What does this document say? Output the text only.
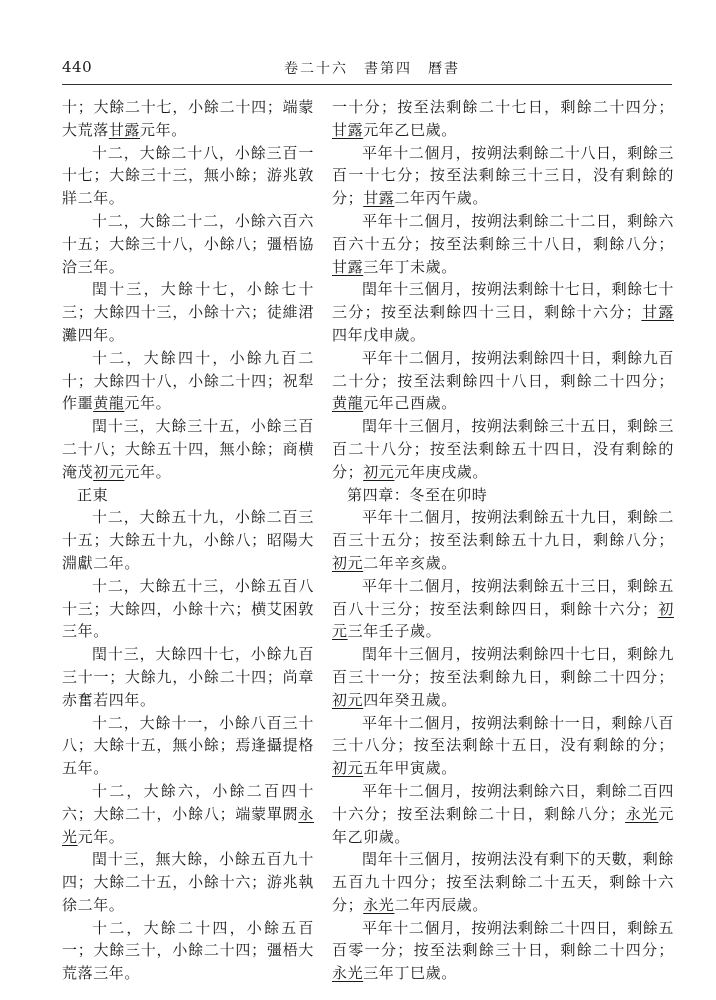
440	卷二十六　書第四　曆書

十；大餘二十七，小餘二十四；端蒙大荒落甘露元年。

十二，大餘二十八，小餘三百一十七；大餘三十三，無小餘；游兆敦牂二年。

十二，大餘二十二，小餘六百六十五；大餘三十八，小餘八；彊梧協洽三年。

閏十三，大餘十七，小餘七十三；大餘四十三，小餘十六；徒維涒灘四年。

十二，大餘四十，小餘九百二十；大餘四十八，小餘二十四；祝犁作噩黄龍元年。

閏十三，大餘三十五，小餘三百二十八；大餘五十四，無小餘；商横淹茂初元元年。

正東

十二，大餘五十九，小餘二百三十五；大餘五十九，小餘八；昭陽大淵獻二年。

十二，大餘五十三，小餘五百八十三；大餘四，小餘十六；横艾困敦三年。

閏十三，大餘四十七，小餘九百三十一；大餘九，小餘二十四；尚章赤奮若四年。

十二，大餘十一，小餘八百三十八；大餘十五，無小餘；焉逢攝提格五年。

十二，大餘六，小餘二百四十六；大餘二十，小餘八；端蒙單閼永光元年。

閏十三，無大餘，小餘五百九十四；大餘二十五，小餘十六；游兆執徐二年。

十二，大餘二十四，小餘五百一；大餘三十，小餘二十四；彊梧大荒落三年。

一十分；按至法剩餘二十七日，剩餘二十四分；甘露元年乙巳歲。

平年十二個月，按朔法剩餘二十八日，剩餘三百一十七分；按至法剩餘三十三日，没有剩餘的分；甘露二年丙午歲。

平年十二個月，按朔法剩餘二十二日，剩餘六百六十五分；按至法剩餘三十八日，剩餘八分；甘露三年丁未歲。

閏年十三個月，按朔法剩餘十七日，剩餘七十三分；按至法剩餘四十三日，剩餘十六分；甘露四年戊申歲。

平年十二個月，按朔法剩餘四十日，剩餘九百二十分；按至法剩餘四十八日，剩餘二十四分；黄龍元年己酉歲。

閏年十三個月，按朔法剩餘三十五日，剩餘三百二十八分；按至法剩餘五十四日，没有剩餘的分；初元元年庚戌歲。

第四章：冬至在卯時

平年十二個月，按朔法剩餘五十九日，剩餘二百三十五分；按至法剩餘五十九日，剩餘八分；初元二年辛亥歲。

平年十二個月，按朔法剩餘五十三日，剩餘五百八十三分；按至法剩餘四日，剩餘十六分；初元三年壬子歲。

閏年十三個月，按朔法剩餘四十七日，剩餘九百三十一分；按至法剩餘九日，剩餘二十四分；初元四年癸丑歲。

平年十二個月，按朔法剩餘十一日，剩餘八百三十八分；按至法剩餘十五日，没有剩餘的分；初元五年甲寅歲。

平年十二個月，按朔法剩餘六日，剩餘二百四十六分；按至法剩餘二十日，剩餘八分；永光元年乙卯歲。

閏年十三個月，按朔法没有剩下的天數，剩餘五百九十四分；按至法剩餘二十五天，剩餘十六分；永光二年丙辰歲。

平年十二個月，按朔法剩餘二十四日，剩餘五百零一分；按至法剩餘三十日，剩餘二十四分；永光三年丁巳歲。
